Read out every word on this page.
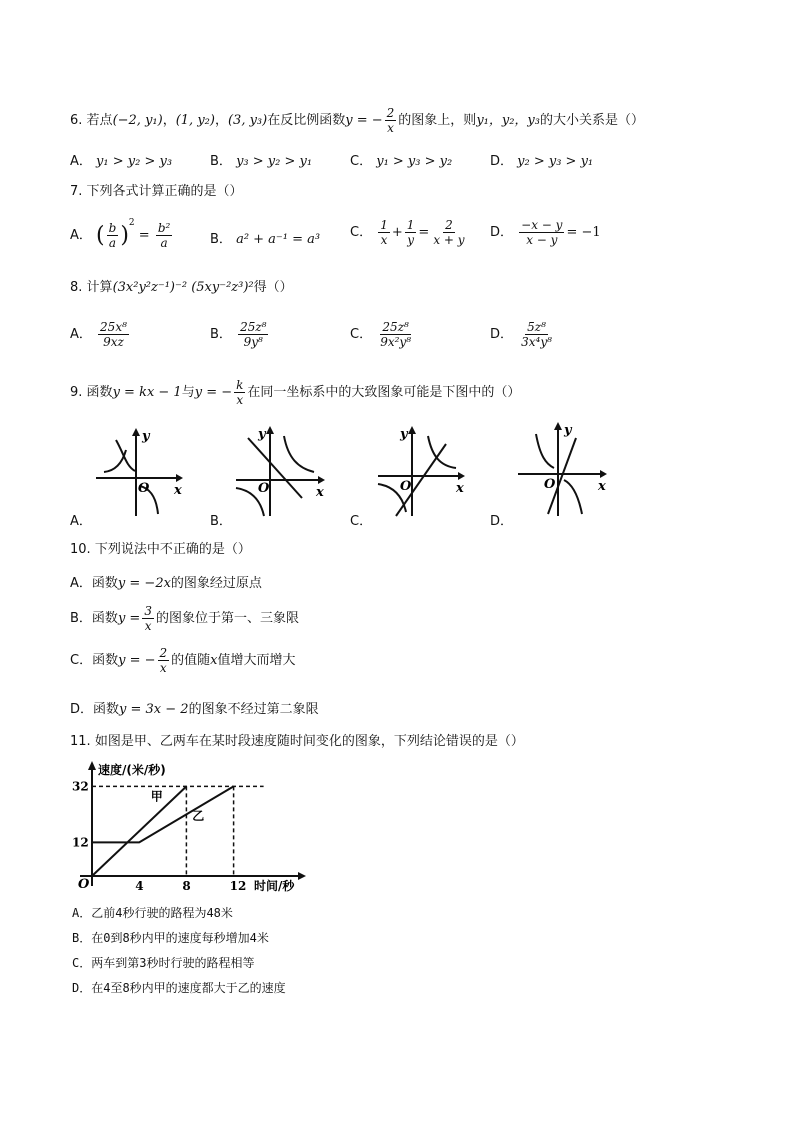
6. 若点(−2, y₁)，(1, y₂)，(3, y₃)在反比例函数y = − $\frac{2}{x}$ 的图象上，则y₁，y₂，y₃的大小关系是（）
A． y₁ > y₂ > y₃	B． y₃ > y₂ > y₁	C． y₁ > y₃ > y₂	D． y₂ > y₃ > y₁
7. 下列各式计算正确的是（）
A． ( $\frac{b}{a} )^2 = \frac{\text{b²}}{a}$	B． a² + a⁻¹ = a³ C． $\frac{1}{x} + \frac{1}{y} = \frac{2}{x + y}$ D． $\frac{-x - y}{x - y} = -1$
8. 计算(3x²y²z⁻¹)⁻² (5xy⁻²z³)²得（）
A． $\frac{\text{25x⁸}}{9xz}$	B． $\frac{\text{25z⁸}}{\text{9y⁸}}$	C． $\frac{\text{25z⁸}}{\text{9x²y⁸}}$	D． $\frac{\text{5z⁸}}{\text{3x⁴y⁸}}$
9. 函数y = kx − 1与y = − $\frac{k}{x}$ 在同一坐标系中的大致图象可能是下图中的（）
y
x
O
A．
y
x
O
B．
y
x
O
C．
y
x
O
D．
10. 下列说法中不正确的是（）
A．函数y = −2x的图象经过原点
B．函数$y = \frac{3}{x}$ 的图象位于第一、三象限
C．函数y = − $\frac{2}{x}$ 的值随x值增大而增大
D．函数y = 3x − 2的图象不经过第二象限
11. 如图是甲、乙两车在某时段速度随时间变化的图象，下列结论错误的是（）
速度/(米/秒)
时间/秒
O	4	8	12
12
32
甲
乙
A．乙前4秒行驶的路程为48米
B．在0到8秒内甲的速度每秒增加4米
C．两车到第3秒时行驶的路程相等
D．在4至8秒内甲的速度都大于乙的速度
